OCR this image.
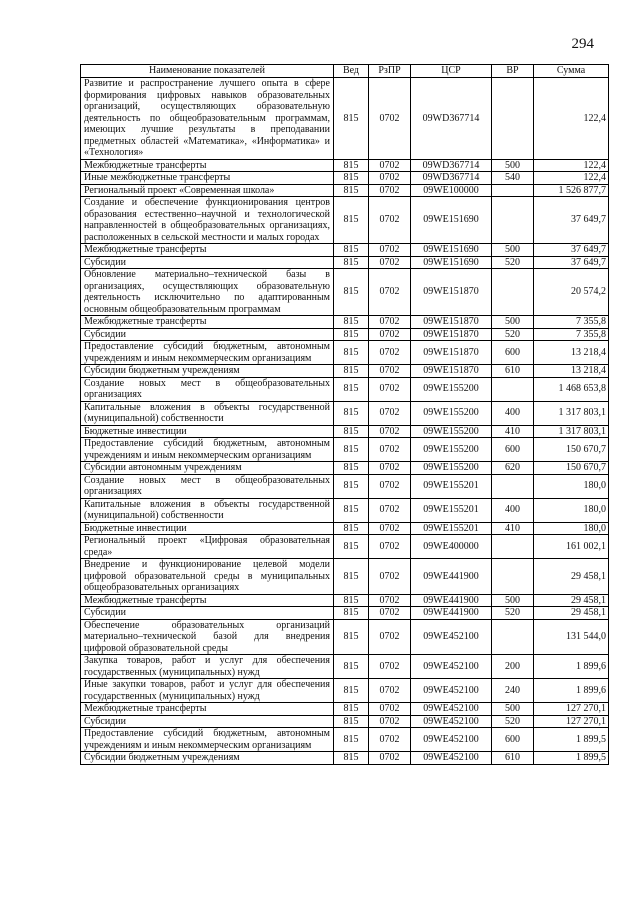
294
Наименование показателей	Вед	РзПР	ЦСР	ВР	Сумма
Развитие и распространение лучшего опыта в сфере формирования цифровых навыков образовательных организаций, осуществляющих образовательную деятельность по общеобразовательным программам, имеющих лучшие результаты в преподавании предметных областей «Математика», «Информатика» и «Технология»	815	0702	09WD367714		122,4
Межбюджетные трансферты	815	0702	09WD367714	500	122,4
Иные межбюджетные трансферты	815	0702	09WD367714	540	122,4
Региональный проект «Современная школа»	815	0702	09WE100000		1 526 877,7
Создание и обеспечение функционирования центров образования естественно–научной и технологической направленностей в общеобразовательных организациях, расположенных в сельской местности и малых городах	815	0702	09WE151690		37 649,7
Межбюджетные трансферты	815	0702	09WE151690	500	37 649,7
Субсидии	815	0702	09WE151690	520	37 649,7
Обновление материально–технической базы в организациях, осуществляющих образовательную деятельность исключительно по адаптированным основным общеобразовательным программам	815	0702	09WE151870		20 574,2
Межбюджетные трансферты	815	0702	09WE151870	500	7 355,8
Субсидии	815	0702	09WE151870	520	7 355,8
Предоставление субсидий бюджетным, автономным учреждениям и иным некоммерческим организациям	815	0702	09WE151870	600	13 218,4
Субсидии бюджетным учреждениям	815	0702	09WE151870	610	13 218,4
Создание новых мест в общеобразовательных организациях	815	0702	09WE155200		1 468 653,8
Капитальные вложения в объекты государственной (муниципальной) собственности	815	0702	09WE155200	400	1 317 803,1
Бюджетные инвестиции	815	0702	09WE155200	410	1 317 803,1
Предоставление субсидий бюджетным, автономным учреждениям и иным некоммерческим организациям	815	0702	09WE155200	600	150 670,7
Субсидии автономным учреждениям	815	0702	09WE155200	620	150 670,7
Создание новых мест в общеобразовательных организациях	815	0702	09WE155201		180,0
Капитальные вложения в объекты государственной (муниципальной) собственности	815	0702	09WE155201	400	180,0
Бюджетные инвестиции	815	0702	09WE155201	410	180,0
Региональный проект «Цифровая образовательная среда»	815	0702	09WE400000		161 002,1
Внедрение и функционирование целевой модели цифровой образовательной среды в муниципальных общеобразовательных организациях	815	0702	09WE441900		29 458,1
Межбюджетные трансферты	815	0702	09WE441900	500	29 458,1
Субсидии	815	0702	09WE441900	520	29 458,1
Обеспечение образовательных организаций материально–технической базой для внедрения цифровой образовательной среды	815	0702	09WE452100		131 544,0
Закупка товаров, работ и услуг для обеспечения государственных (муниципальных) нужд	815	0702	09WE452100	200	1 899,6
Иные закупки товаров, работ и услуг для обеспечения государственных (муниципальных) нужд	815	0702	09WE452100	240	1 899,6
Межбюджетные трансферты	815	0702	09WE452100	500	127 270,1
Субсидии	815	0702	09WE452100	520	127 270,1
Предоставление субсидий бюджетным, автономным учреждениям и иным некоммерческим организациям	815	0702	09WE452100	600	1 899,5
Субсидии бюджетным учреждениям	815	0702	09WE452100	610	1 899,5
